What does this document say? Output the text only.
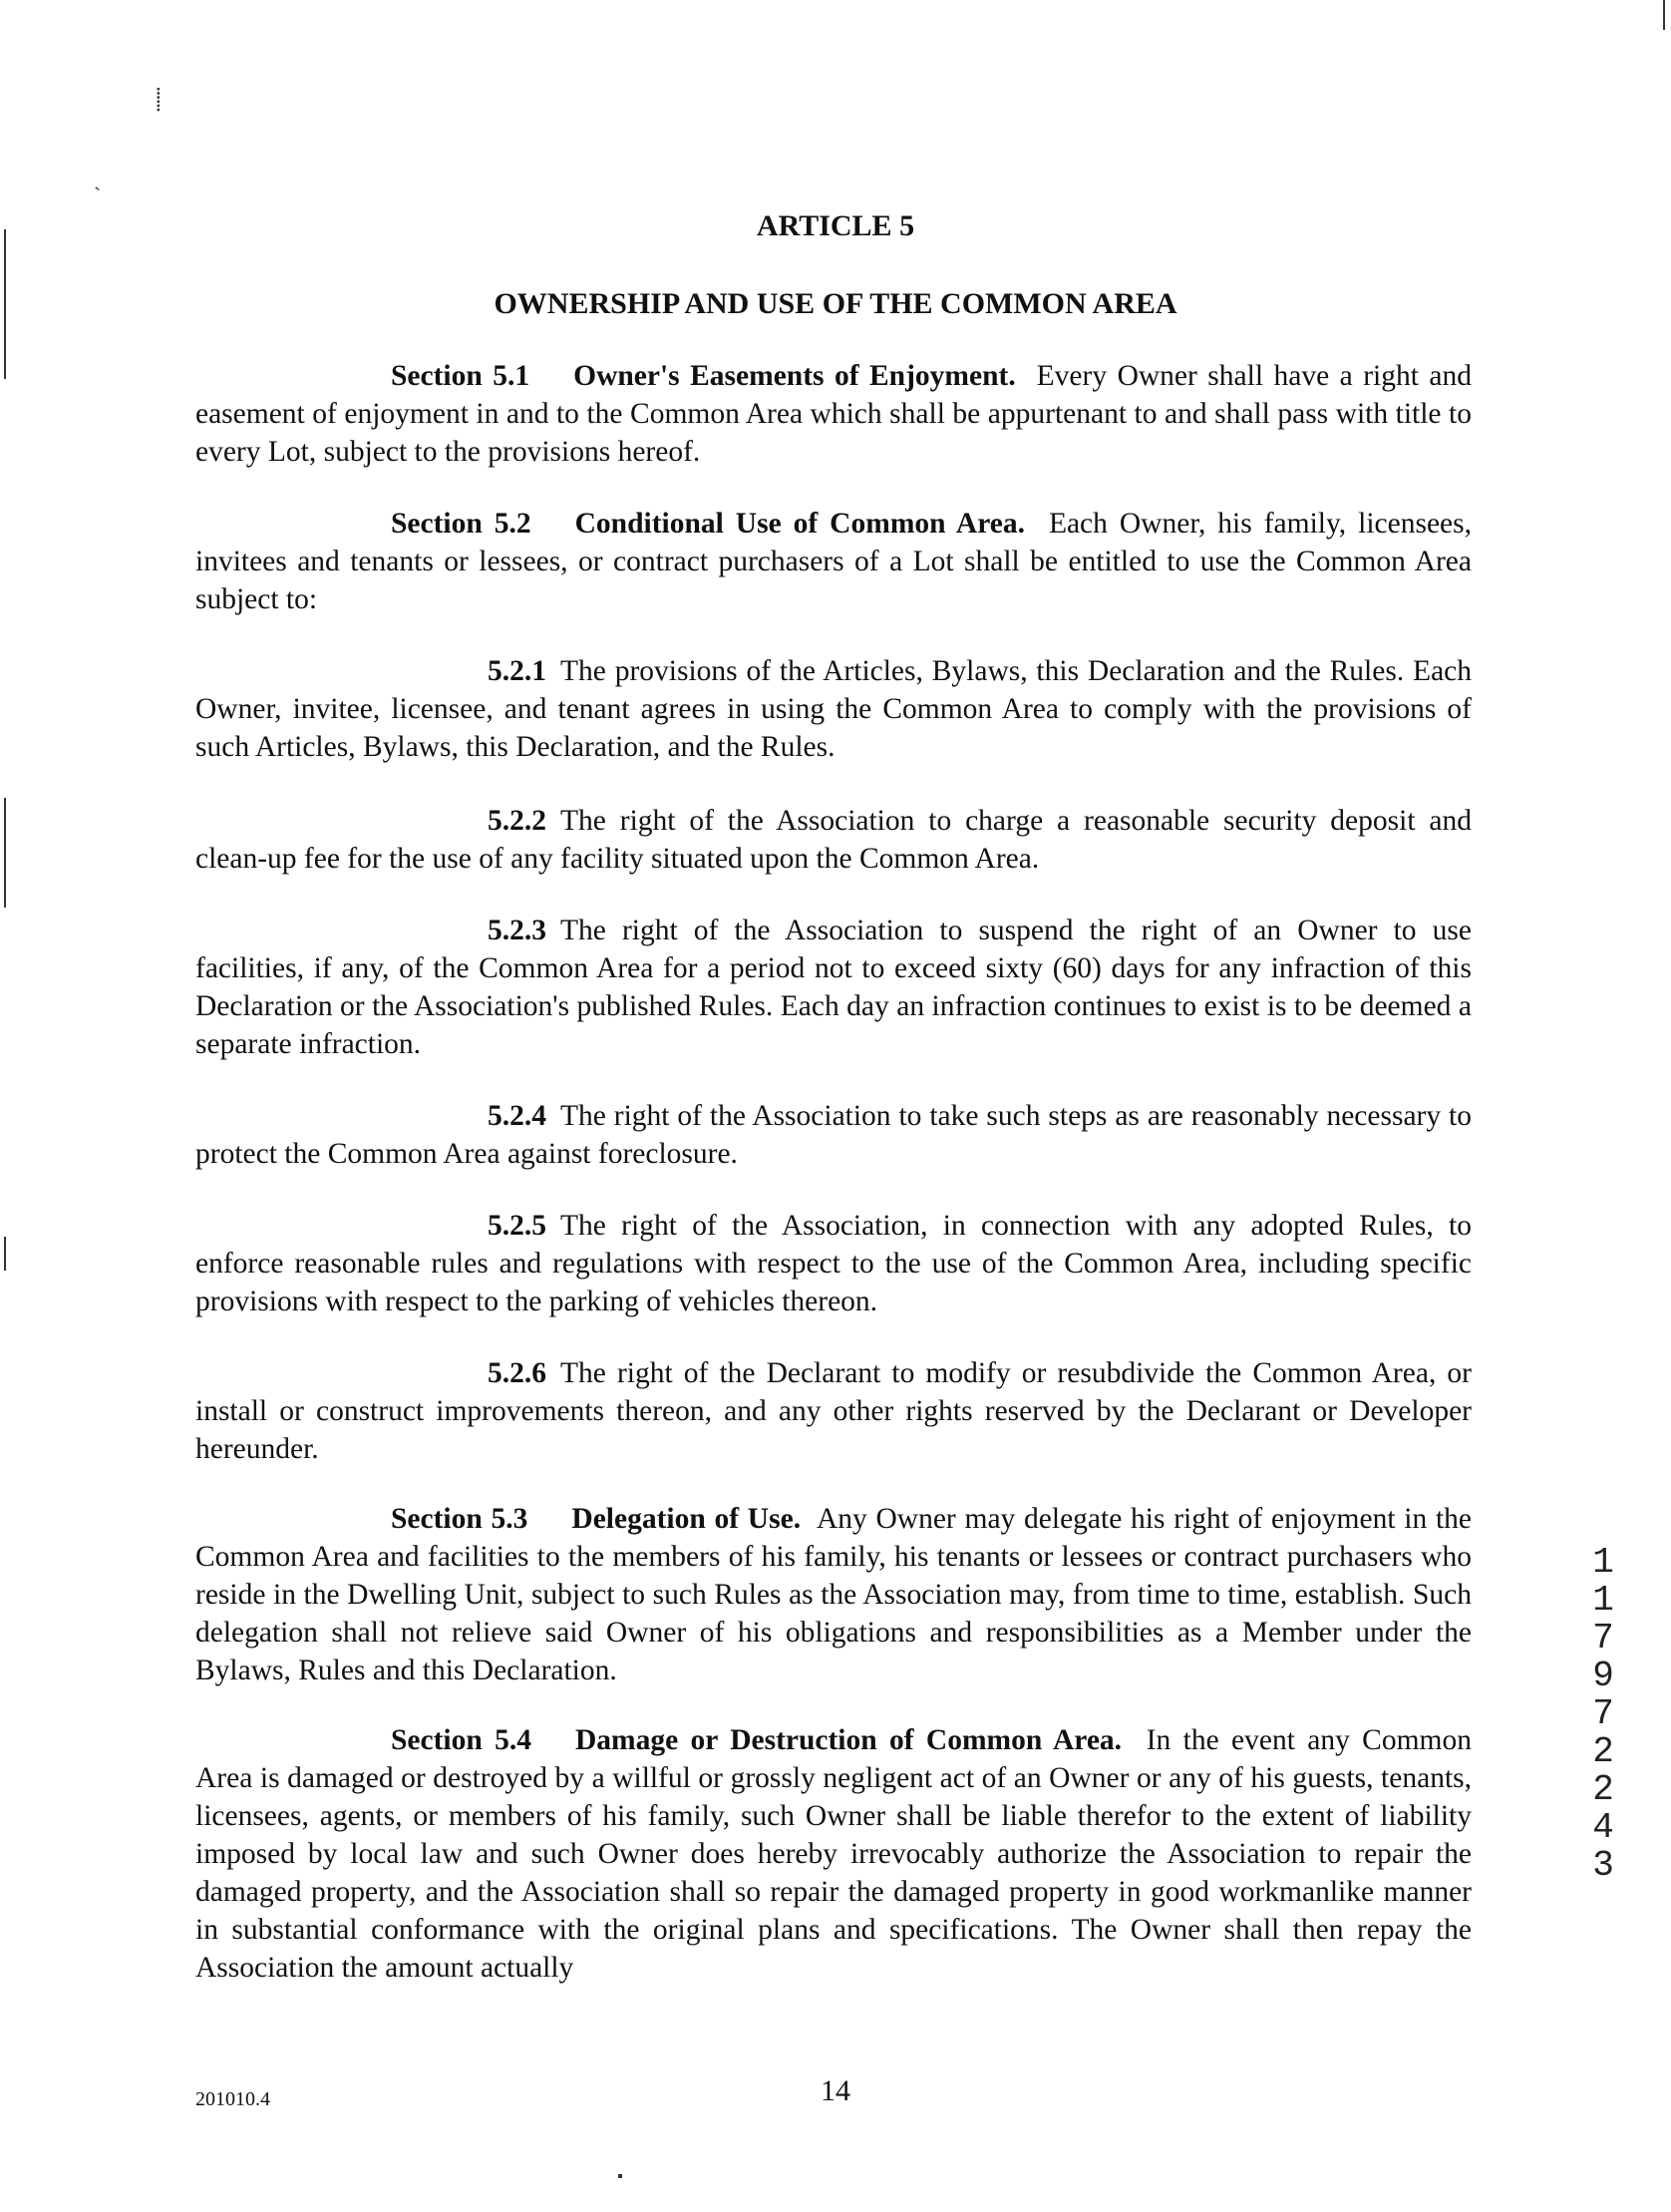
⸽
ˎ
ARTICLE 5
OWNERSHIP AND USE OF THE COMMON AREA

Section 5.1 Owner's Easements of Enjoyment. Every Owner shall have a right and easement of enjoyment in and to the Common Area which shall be appurtenant to and shall pass with title to every Lot, subject to the provisions hereof.

Section 5.2 Conditional Use of Common Area. Each Owner, his family, licensees, invitees and tenants or lessees, or contract purchasers of a Lot shall be entitled to use the Common Area subject to:

5.2.1 The provisions of the Articles, Bylaws, this Declaration and the Rules. Each Owner, invitee, licensee, and tenant agrees in using the Common Area to comply with the provisions of such Articles, Bylaws, this Declaration, and the Rules.

5.2.2 The right of the Association to charge a reasonable security deposit and clean-up fee for the use of any facility situated upon the Common Area.

5.2.3 The right of the Association to suspend the right of an Owner to use facilities, if any, of the Common Area for a period not to exceed sixty (60) days for any infraction of this Declaration or the Association's published Rules. Each day an infraction continues to exist is to be deemed a separate infraction.

5.2.4 The right of the Association to take such steps as are reasonably necessary to protect the Common Area against foreclosure.

5.2.5 The right of the Association, in connection with any adopted Rules, to enforce reasonable rules and regulations with respect to the use of the Common Area, including specific provisions with respect to the parking of vehicles thereon.

5.2.6 The right of the Declarant to modify or resubdivide the Common Area, or install or construct improvements thereon, and any other rights reserved by the Declarant or Developer hereunder.

Section 5.3 Delegation of Use. Any Owner may delegate his right of enjoyment in the Common Area and facilities to the members of his family, his tenants or lessees or contract purchasers who reside in the Dwelling Unit, subject to such Rules as the Association may, from time to time, establish. Such delegation shall not relieve said Owner of his obligations and responsibilities as a Member under the Bylaws, Rules and this Declaration.

Section 5.4 Damage or Destruction of Common Area. In the event any Common Area is damaged or destroyed by a willful or grossly negligent act of an Owner or any of his guests, tenants, licensees, agents, or members of his family, such Owner shall be liable therefor to the extent of liability imposed by local law and such Owner does hereby irrevocably authorize the Association to repair the damaged property, and the Association shall so repair the damaged property in good workmanlike manner in substantial conformance with the original plans and specifications. The Owner shall then repay the Association the amount actually

11797 2243
201010.4	14
